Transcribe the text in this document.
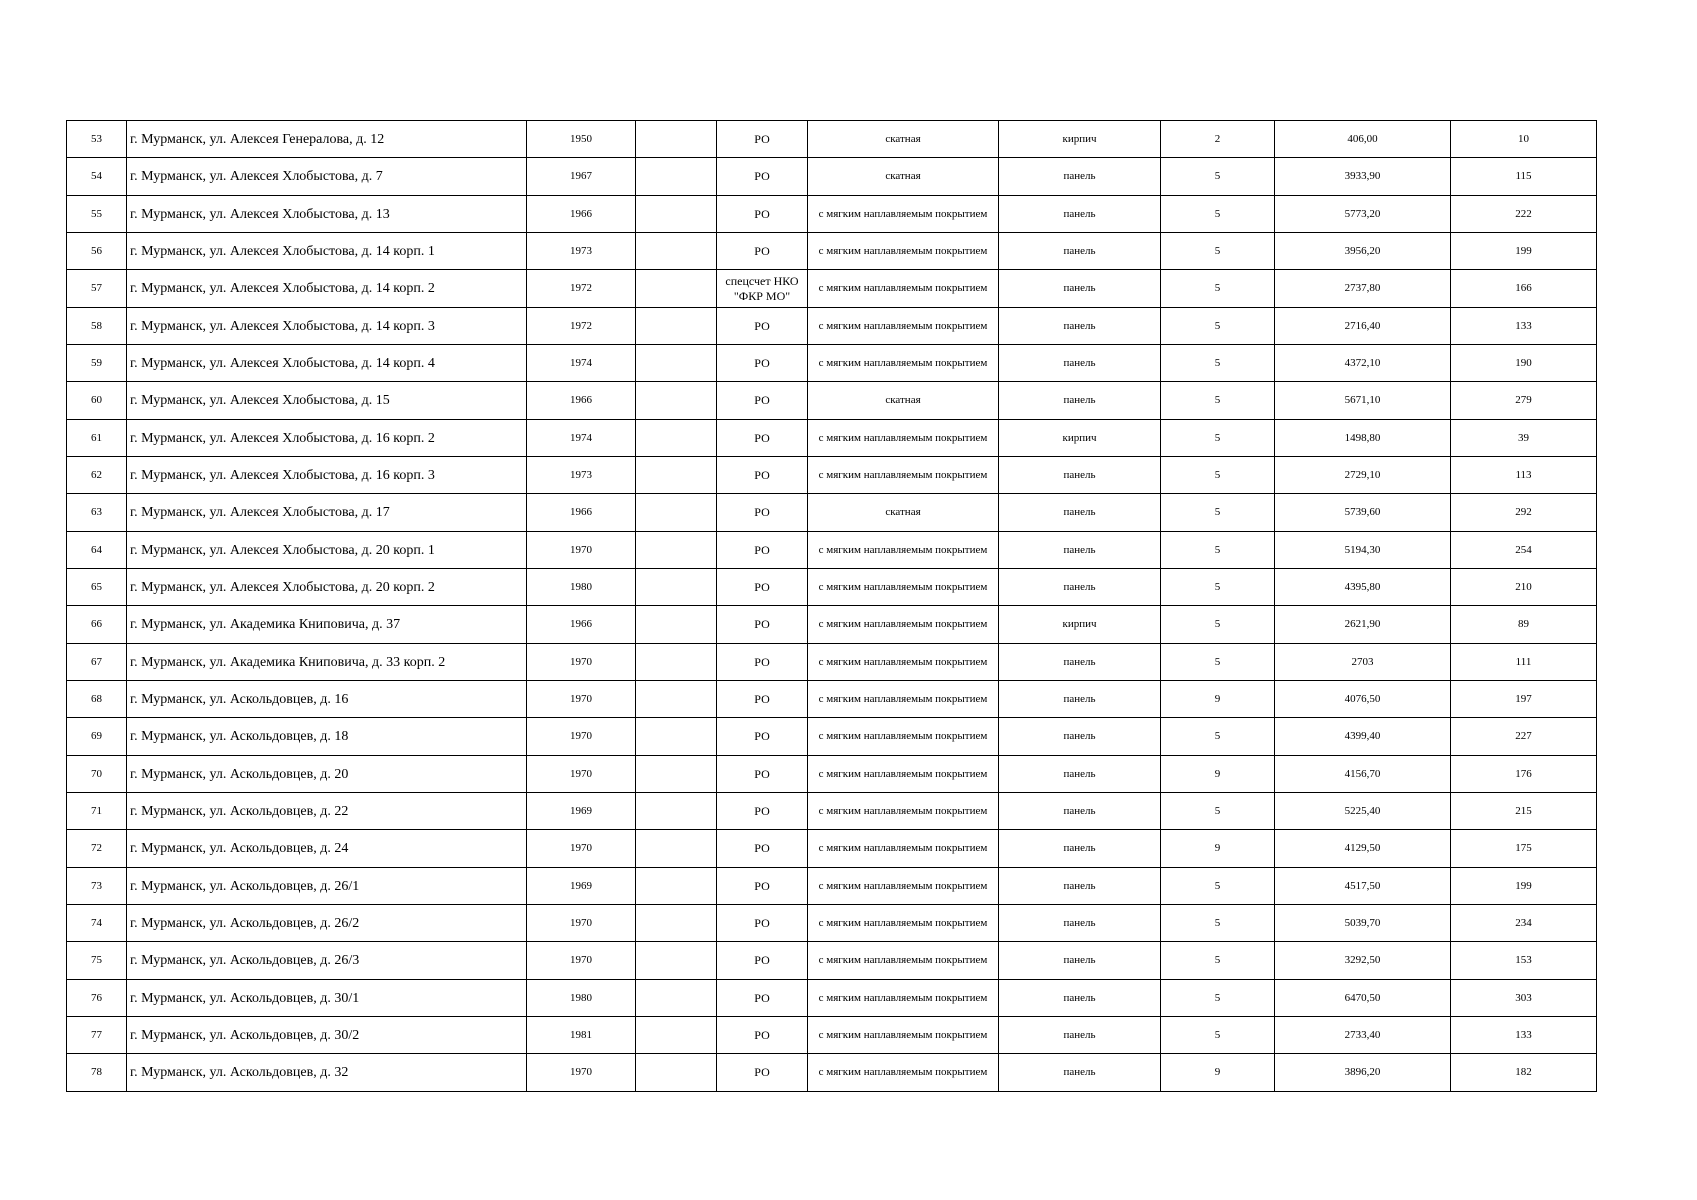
53	г. Мурманск, ул. Алексея Генералова, д. 12	1950		РО	скатная	кирпич	2	406,00	10
54	г. Мурманск, ул. Алексея Хлобыстова, д. 7	1967		РО	скатная	панель	5	3933,90	115
55	г. Мурманск, ул. Алексея Хлобыстова, д. 13	1966		РО	с мягким наплавляемым покрытием	панель	5	5773,20	222
56	г. Мурманск, ул. Алексея Хлобыстова, д. 14 корп. 1	1973		РО	с мягким наплавляемым покрытием	панель	5	3956,20	199
57	г. Мурманск, ул. Алексея Хлобыстова, д. 14 корп. 2	1972		спецсчет НКО "ФКР МО"	с мягким наплавляемым покрытием	панель	5	2737,80	166
58	г. Мурманск, ул. Алексея Хлобыстова, д. 14 корп. 3	1972		РО	с мягким наплавляемым покрытием	панель	5	2716,40	133
59	г. Мурманск, ул. Алексея Хлобыстова, д. 14 корп. 4	1974		РО	с мягким наплавляемым покрытием	панель	5	4372,10	190
60	г. Мурманск, ул. Алексея Хлобыстова, д. 15	1966		РО	скатная	панель	5	5671,10	279
61	г. Мурманск, ул. Алексея Хлобыстова, д. 16 корп. 2	1974		РО	с мягким наплавляемым покрытием	кирпич	5	1498,80	39
62	г. Мурманск, ул. Алексея Хлобыстова, д. 16 корп. 3	1973		РО	с мягким наплавляемым покрытием	панель	5	2729,10	113
63	г. Мурманск, ул. Алексея Хлобыстова, д. 17	1966		РО	скатная	панель	5	5739,60	292
64	г. Мурманск, ул. Алексея Хлобыстова, д. 20 корп. 1	1970		РО	с мягким наплавляемым покрытием	панель	5	5194,30	254
65	г. Мурманск, ул. Алексея Хлобыстова, д. 20 корп. 2	1980		РО	с мягким наплавляемым покрытием	панель	5	4395,80	210
66	г. Мурманск, ул. Академика Книповича, д. 37	1966		РО	с мягким наплавляемым покрытием	кирпич	5	2621,90	89
67	г. Мурманск, ул. Академика Книповича, д. 33 корп. 2	1970		РО	с мягким наплавляемым покрытием	панель	5	2703	111
68	г. Мурманск, ул. Аскольдовцев, д. 16	1970		РО	с мягким наплавляемым покрытием	панель	9	4076,50	197
69	г. Мурманск, ул. Аскольдовцев, д. 18	1970		РО	с мягким наплавляемым покрытием	панель	5	4399,40	227
70	г. Мурманск, ул. Аскольдовцев, д. 20	1970		РО	с мягким наплавляемым покрытием	панель	9	4156,70	176
71	г. Мурманск, ул. Аскольдовцев, д. 22	1969		РО	с мягким наплавляемым покрытием	панель	5	5225,40	215
72	г. Мурманск, ул. Аскольдовцев, д. 24	1970		РО	с мягким наплавляемым покрытием	панель	9	4129,50	175
73	г. Мурманск, ул. Аскольдовцев, д. 26/1	1969		РО	с мягким наплавляемым покрытием	панель	5	4517,50	199
74	г. Мурманск, ул. Аскольдовцев, д. 26/2	1970		РО	с мягким наплавляемым покрытием	панель	5	5039,70	234
75	г. Мурманск, ул. Аскольдовцев, д. 26/3	1970		РО	с мягким наплавляемым покрытием	панель	5	3292,50	153
76	г. Мурманск, ул. Аскольдовцев, д. 30/1	1980		РО	с мягким наплавляемым покрытием	панель	5	6470,50	303
77	г. Мурманск, ул. Аскольдовцев, д. 30/2	1981		РО	с мягким наплавляемым покрытием	панель	5	2733,40	133
78	г. Мурманск, ул. Аскольдовцев, д. 32	1970		РО	с мягким наплавляемым покрытием	панель	9	3896,20	182
